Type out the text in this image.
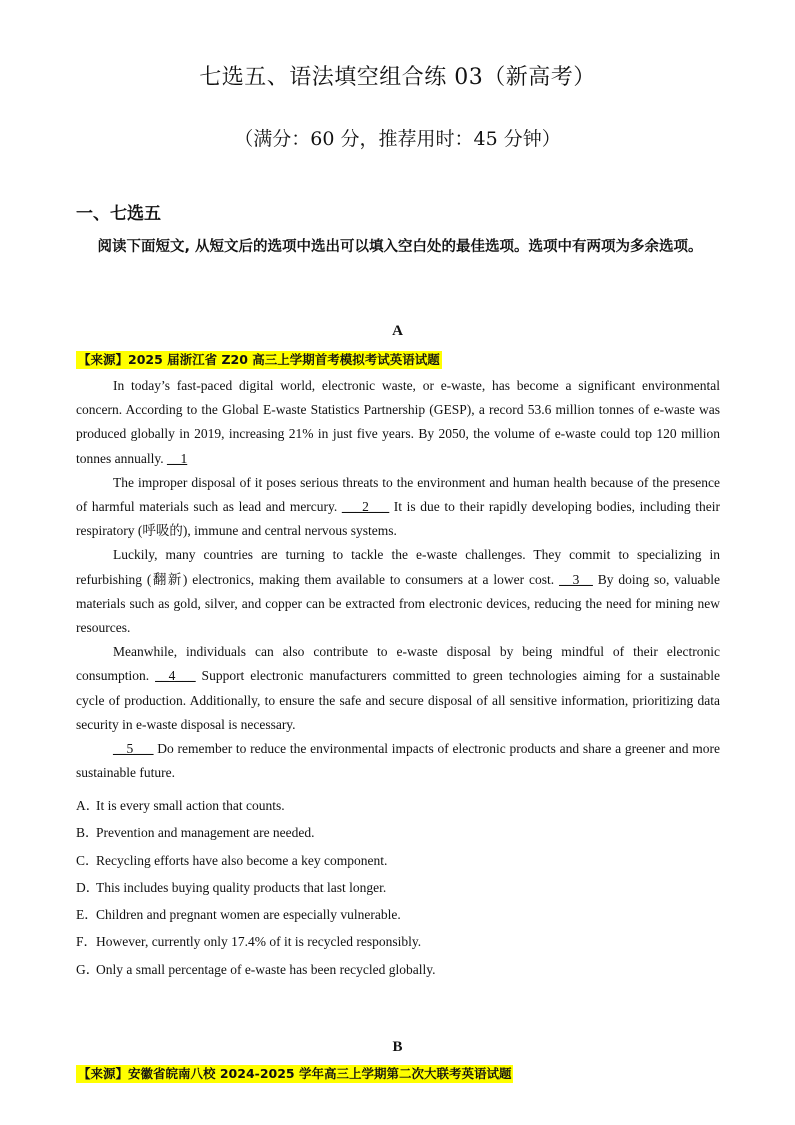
七选五、语法填空组合练 03（新高考）
（满分：60 分，推荐用时：45 分钟）
一、七选五
阅读下面短文, 从短文后的选项中选出可以填入空白处的最佳选项。选项中有两项为多余选项。
A
【来源】2025 届浙江省 Z20 高三上学期首考模拟考试英语试题

In today’s fast-paced digital world, electronic waste, or e-waste, has become a significant environmental concern. According to the Global E-waste Statistics Partnership (GESP), a record 53.6 million tonnes of e-waste was produced globally in 2019, increasing 21% in just five years. By 2050, the volume of e-waste could top 120 million tonnes annually. __1

The improper disposal of it poses serious threats to the environment and human health because of the presence of harmful materials such as lead and mercury. ___2___ It is due to their rapidly developing bodies, including their respiratory (呼吸的), immune and central nervous systems.

Luckily, many countries are turning to tackle the e-waste challenges. They commit to specializing in refurbishing (翻新) electronics, making them available to consumers at a lower cost. __3__ By doing so, valuable materials such as gold, silver, and copper can be extracted from electronic devices, reducing the need for mining new resources.

Meanwhile, individuals can also contribute to e-waste disposal by being mindful of their electronic consumption. __4___ Support electronic manufacturers committed to green technologies aiming for a sustainable cycle of production. Additionally, to ensure the safe and secure disposal of all sensitive information, prioritizing data security in e-waste disposal is necessary.

__5___ Do remember to reduce the environmental impacts of electronic products and share a greener and more sustainable future.

A．It is every small action that counts.
B．Prevention and management are needed.
C．Recycling efforts have also become a key component.
D．This includes buying quality products that last longer.
E．Children and pregnant women are especially vulnerable.
F．However, currently only 17.4% of it is recycled responsibly.
G．Only a small percentage of e-waste has been recycled globally.
B
【来源】安徽省皖南八校 2024-2025 学年高三上学期第二次大联考英语试题
